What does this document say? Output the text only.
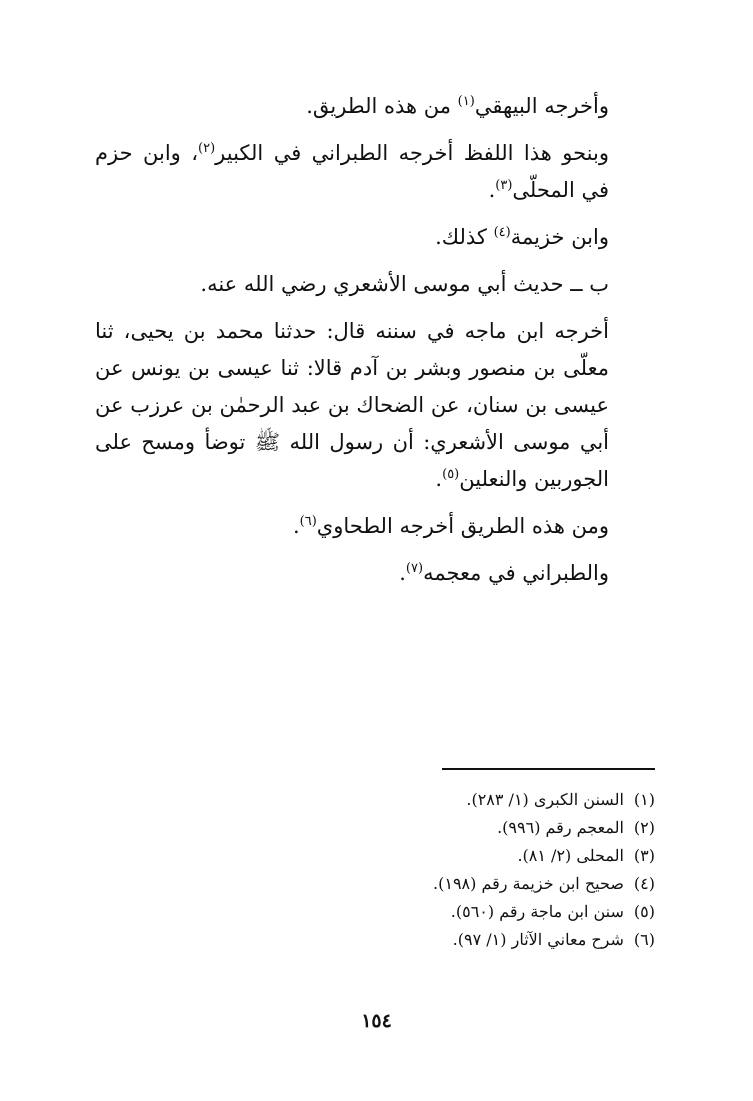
وأخرجه البيهقي$^{(١)}$ من هذه الطريق.

وبنحو هذا اللفظ أخرجه الطبراني في الكبير$^{(٢)}$، وابن حزم في المحلّى$^{(٣)}$.

وابن خزيمة$^{(٤)}$ كذلك.

ب ــ حديث أبي موسى الأشعري رضي الله عنه.

أخرجه ابن ماجه في سننه قال: حدثنا محمد بن يحيى، ثنا معلّى بن منصور وبشر بن آدم قالا: ثنا عيسى بن يونس عن عيسى بن سنان، عن الضحاك بن عبد الرحمٰن بن عرزب عن أبي موسى الأشعري: أن رسول الله ﷺ توضأ ومسح على الجوربين والنعلين$^{(٥)}$.

ومن هذه الطريق أخرجه الطحاوي$^{(٦)}$.

والطبراني في معجمه$^{(٧)}$.

(١) السنن الكبرى (١/ ٢٨٣).

(٢) المعجم رقم (٩٩٦).

(٣) المحلى (٢/ ٨١).

(٤) صحيح ابن خزيمة رقم (١٩٨).

(٥) سنن ابن ماجة رقم (٥٦٠).

(٦) شرح معاني الآثار (١/ ٩٧).

١٥٤
